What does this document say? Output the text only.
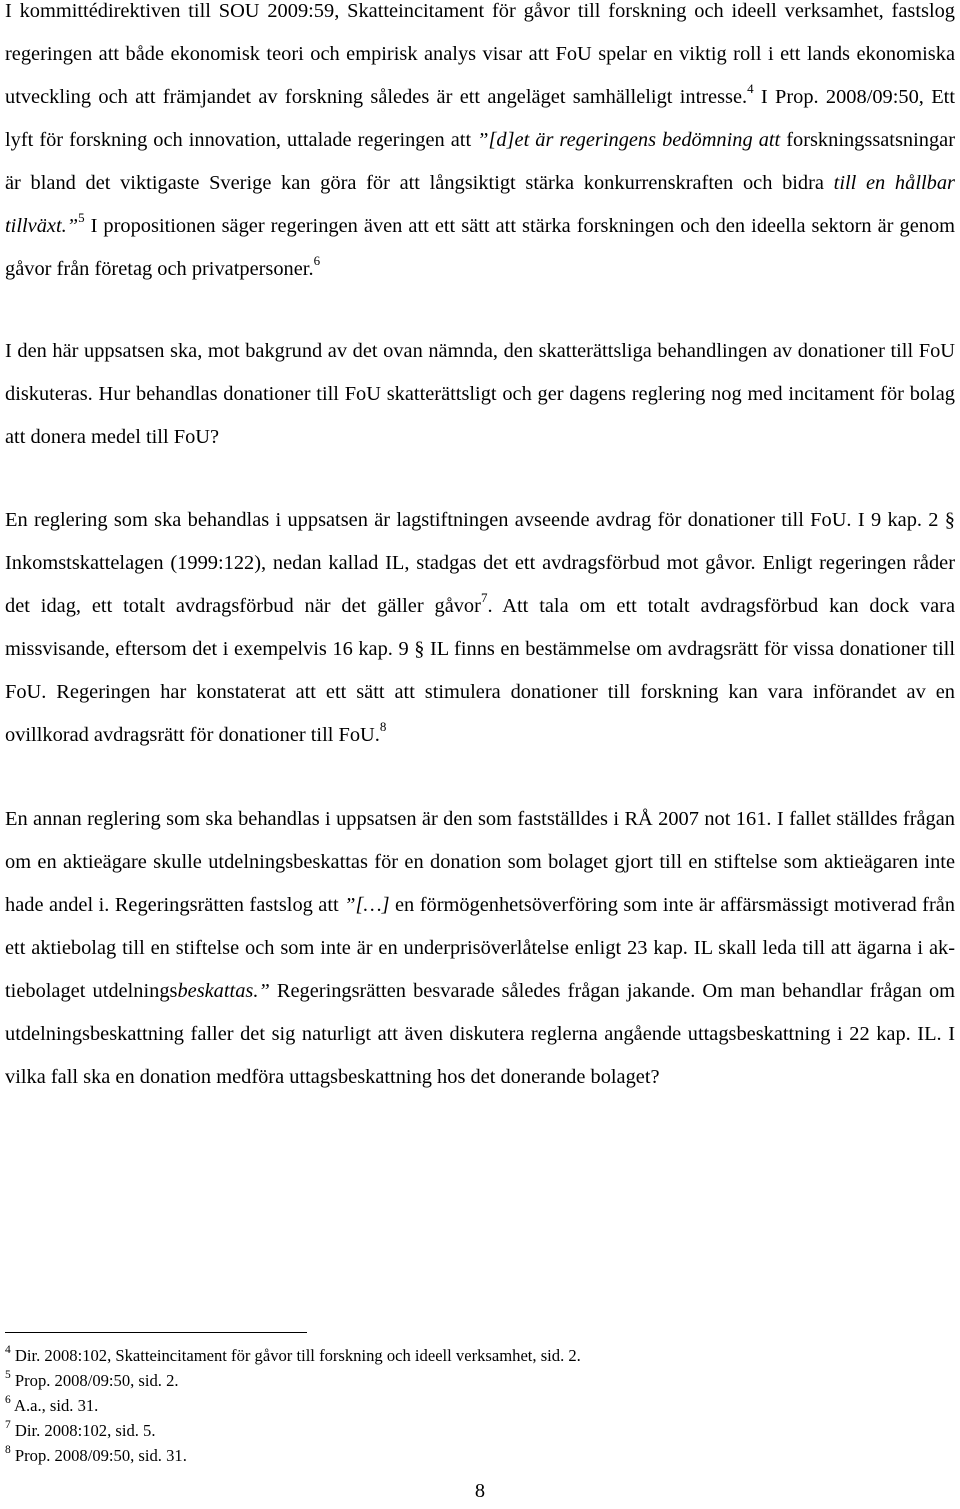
I kommittédirektiven till SOU 2009:59, Skatteincitament för gåvor till forskning och ideell verksamhet, fastslog regeringen att både ekonomisk teori och empirisk analys visar att FoU spelar en viktig roll i ett lands ekonomiska utveckling och att främjandet av forskning således är ett angeläget samhälleligt intresse.$^4$ I Prop. 2008/09:50, Ett lyft för forskning och innovation, uttalade regeringen att ”[d]et är regeringens bedömning att forskningssatsningar är bland det viktigaste Sverige kan göra för att långsiktigt stärka konkurrenskraften och bidra till en hållbar tillväxt.”$^5$ I propositionen säger regeringen även att ett sätt att stärka forskningen och den ideella sektorn är genom gåvor från företag och privatpersoner.$^6$

I den här uppsatsen ska, mot bakgrund av det ovan nämnda, den skatterättsliga behandlingen av donationer till FoU diskuteras. Hur behandlas donationer till FoU skatterättsligt och ger dagens reglering nog med incitament för bolag att donera medel till FoU?

En reglering som ska behandlas i uppsatsen är lagstiftningen avseende avdrag för donationer till FoU. I 9 kap. 2 § Inkomstskattelagen (1999:122), nedan kallad IL, stadgas det ett avdragsförbud mot gåvor. Enligt regeringen råder det idag, ett totalt avdragsförbud när det gäller gåvor$^7$. Att tala om ett totalt avdragsförbud kan dock vara missvisande, eftersom det i exempelvis 16 kap. 9 § IL finns en bestämmelse om avdragsrätt för vissa donationer till FoU. Regeringen har konstaterat att ett sätt att stimulera donationer till forskning kan vara införandet av en ovillkorad avdragsrätt för donationer till FoU.$^8$

En annan reglering som ska behandlas i uppsatsen är den som fastställdes i RÅ 2007 not 161. I fallet ställdes frågan om en aktieägare skulle utdelningsbeskattas för en donation som bolaget gjort till en stiftelse som aktieägaren inte hade andel i. Regeringsrätten fastslog att ”[…] en förmögenhetsöverföring som inte är affärsmässigt motiverad från ett aktiebolag till en stiftelse och som inte är en underprisöverlåtelse enligt 23 kap. IL skall leda till att ägarna i aktiebolaget utdelningsbeskattas.” Regeringsrätten besvarade således frågan jakande. Om man behandlar frågan om utdelningsbeskattning faller det sig naturligt att även diskutera reglerna angående uttagsbeskattning i 22 kap. IL. I vilka fall ska en donation medföra uttagsbeskattning hos det donerande bolaget?

$^4$ Dir. 2008:102, Skatteincitament för gåvor till forskning och ideell verksamhet, sid. 2.

$^5$ Prop. 2008/09:50, sid. 2.

$^6$ A.a., sid. 31.

$^7$ Dir. 2008:102, sid. 5.

$^8$ Prop. 2008/09:50, sid. 31.

8
